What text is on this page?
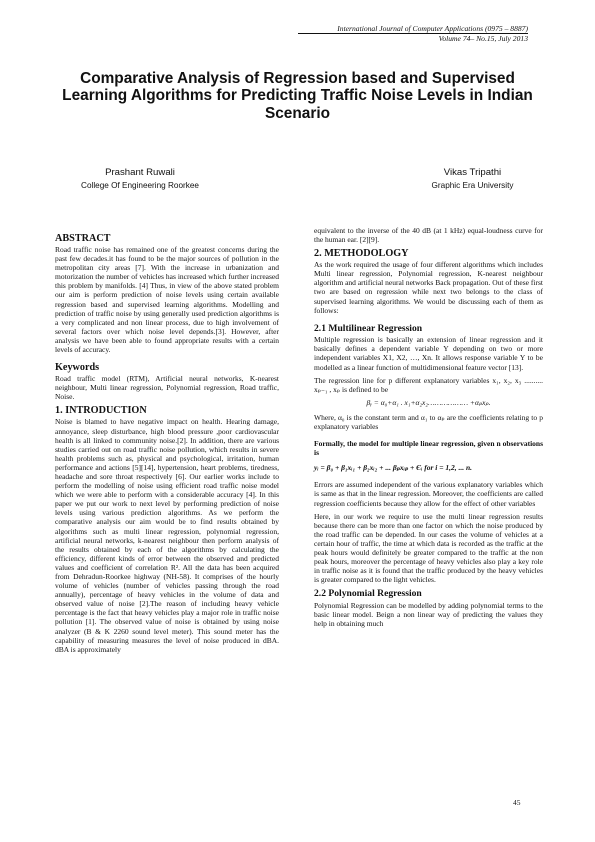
International Journal of Computer Applications (0975 – 8887)
Volume 74– No.15, July 2013
Comparative Analysis of Regression based and Supervised Learning Algorithms for Predicting Traffic Noise Levels in Indian Scenario
Prashant Ruwali
College Of Engineering Roorkee
Vikas Tripathi
Graphic Era University
ABSTRACT

Road traffic noise has remained one of the greatest concerns during the past few decades.it has found to be the major sources of pollution in the metropolitan city areas [7]. With the increase in urbanization and motorization the number of vehicles has increased which further increased this problem by manifolds. [4] Thus, in view of the above stated problem our aim is perform prediction of noise levels using certain available regression based and supervised learning algorithms. Modelling and prediction of traffic noise by using generally used prediction algorithms is a very complicated and non linear process, due to high involvement of several factors over which noise level depends.[3]. However, after analysis we have been able to found appropriate results with a certain levels of accuracy.

Keywords

Road traffic model (RTM), Artificial neural networks, K-nearest neighbour, Multi linear regression, Polynomial regression, Road traffic, Noise.

1. INTRODUCTION

Noise is blamed to have negative impact on health. Hearing damage, annoyance, sleep disturbance, high blood pressure ,poor cardiovascular health is all linked to community noise.[2]. In addition, there are various studies carried out on road traffic noise pollution, which results in severe health problems such as, physical and psychological, irritation, human performance and actions [5][14], hypertension, heart problems, tiredness, headache and sore throat respectively [6]. Our earlier works include to perform the modelling of noise using efficient road traffic noise model which we were able to perform with a considerable accuracy [4]. In this paper we put our work to next level by performing prediction of noise levels using various prediction algorithms. As we perform the comparative analysis our aim would be to find results obtained by algorithms such as multi linear regression, polynomial regression, artificial neural networks, k-nearest neighbour then perform analysis of the results obtained by each of the algorithms by calculating the efficiency, different kinds of error between the observed and predicted values and coefficient of correlation R². All the data has been acquired from Dehradun-Roorkee highway (NH-58). It comprises of the hourly volume of vehicles (number of vehicles passing through the road annually), percentage of heavy vehicles in the volume of data and observed value of noise [2].The reason of including heavy vehicle percentage is the fact that heavy vehicles play a major role in traffic noise pollution [1]. The observed value of noise is obtained by using noise analyzer (B & K 2260 sound level meter). This sound meter has the capability of measuring measures the level of noise produced in dBA. dBA is approximately

equivalent to the inverse of the 40 dB (at 1 kHz) equal-loudness curve for the human ear. [2][9].

2. METHODOLOGY

As the work required the usage of four different algorithms which includes Multi linear regression, Polynomial regression, K-nearest neighbour algorithm and artificial neural networks Back propagation. Out of these first two are based on regression while next two belongs to the class of supervised learning algorithms. We would be discussing each of them as follows:

2.1 Multilinear Regression

Multiple regression is basically an extension of linear regression and it basically defines a dependent variable Y depending on two or more independent variables X1, X2, …, Xn. It allows response variable Y to be modelled as a linear function of multidimensional feature vector [13].

The regression line for p different explanatory variables x₁, x₂, x₃ .......... xₚ₋₁ , xₚ is defined to be

βᵧ = α₀+α₁ . x₁+α₂x₂……………… +αₚxₚ.

Where, α₀ is the constant term and α₁ to αₚ are the coefficients relating to p explanatory variables

Formally, the model for multiple linear regression, given n observations is

yᵢ = β₀ + β₁xᵢ₁ + β₂xᵢ₂ + ... βₚxᵢₚ + Єᵢ for i = 1,2, ... n.

Errors are assumed independent of the various explanatory variables which is same as that in the linear regression. Moreover, the coefficients are called regression coefficients because they allow for the effect of other variables

Here, in our work we require to use the multi linear regression results because there can be more than one factor on which the noise produced by the road traffic can be depended. In our cases the volume of vehicles at a certain hour of traffic, the time at which data is recorded as the traffic at the peak hours would definitely be greater compared to the traffic at the non peak hours, moreover the percentage of heavy vehicles also play a key role in traffic noise as it is found that the traffic produced by the heavy vehicles is greater compared to the light vehicles.

2.2 Polynomial Regression

Polynomial Regression can be modelled by adding polynomial terms to the basic linear model. Beign a non linear way of predicting the values they help in obtaining much

45
